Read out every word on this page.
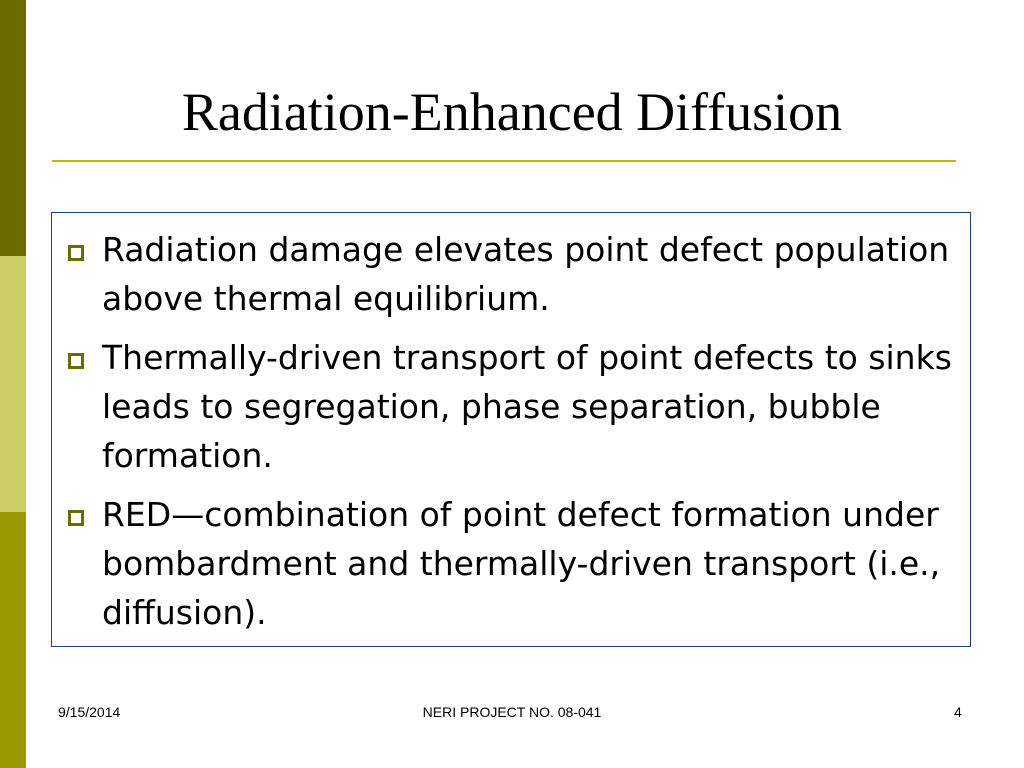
Radiation-Enhanced Diffusion
Radiation damage elevates point defect population above thermal equilibrium.
Thermally-driven transport of point defects to sinks leads to segregation, phase separation, bubble formation.
RED—combination of point defect formation under bombardment and thermally-driven transport (i.e., diffusion).
9/15/2014	NERI PROJECT NO. 08-041	4
